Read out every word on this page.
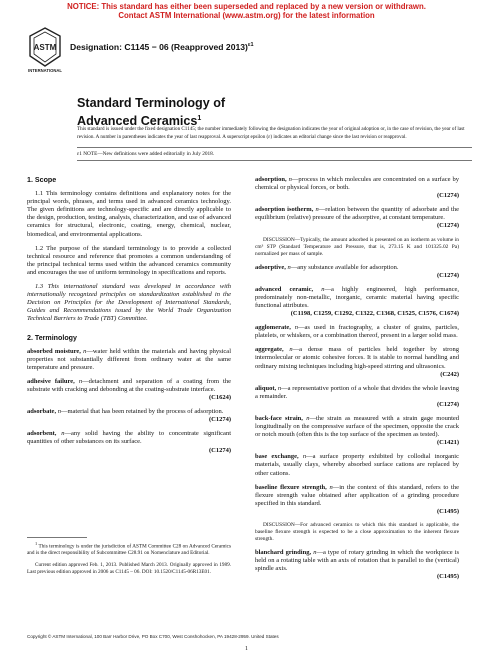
NOTICE: This standard has either been superseded and replaced by a new version or withdrawn.
Contact ASTM International (www.astm.org) for the latest information
ASTM
INTERNATIONAL
Designation: C1145 − 06 (Reapproved 2013)$^{\varepsilon 1}$
Standard Terminology of
Advanced Ceramics$^1$
This standard is issued under the fixed designation C1145; the number immediately following the designation indicates the year of original adoption or, in the case of revision, the year of last revision. A number in parentheses indicates the year of last reapproval. A superscript epsilon (ε) indicates an editorial change since the last revision or reapproval.
ε1 NOTE—New definitions were added editorially in July 2018.
1. Scope

1.1 This terminology contains definitions and explanatory notes for the principal words, phrases, and terms used in advanced ceramics technology. The given definitions are technology-specific and are directly applicable to the design, production, testing, analysis, characterization, and use of advanced ceramics for structural, electronic, coating, energy, chemical, nuclear, biomedical, and environmental applications.

1.2 The purpose of the standard terminology is to provide a collected technical resource and reference that promotes a common understanding of the principal technical terms used within the advanced ceramics community and encourages the use of uniform terminology in specifications and reports.

1.3 This international standard was developed in accordance with internationally recognized principles on standardization established in the Decision on Principles for the Development of International Standards, Guides and Recommendations issued by the World Trade Organization Technical Barriers to Trade (TBT) Committee.

2. Terminology

absorbed moisture, n—water held within the materials and having physical properties not substantially different from ordinary water at the same temperature and pressure.

adhesive failure, n—detachment and separation of a coating from the substrate with cracking and debonding at the coating-substrate interface.
(C1624)

adsorbate, n—material that has been retained by the process of adsorption.
(C1274)

adsorbent, n—any solid having the ability to concentrate significant quantities of other substances on its surface.
(C1274)

adsorption, n—process in which molecules are concentrated on a surface by chemical or physical forces, or both.
(C1274)

adsorption isotherm, n—relation between the quantity of adsorbate and the equilibrium (relative) pressure of the adsorptive, at constant temperature.
(C1274)

DISCUSSION—Typically, the amount adsorbed is presented on an isotherm as volume in cm³ STP (Standard Temperature and Pressure, that is, 273.15 K and 101325.02 Pa) normalized per mass of sample.

adsorptive, n—any substance available for adsorption.
(C1274)

advanced ceramic, n—a highly engineered, high performance, predominately non-metallic, inorganic, ceramic material having specific functional attributes.
(C1198, C1259, C1292, C1322, C1368, C1525, C1576, C1674)

agglomerate, n—as used in fractography, a cluster of grains, particles, platelets, or whiskers, or a combination thereof, present in a larger solid mass.

aggregate, n—a dense mass of particles held together by strong intermolecular or atomic cohesive forces. It is stable to normal handling and ordinary mixing techniques including high-speed stirring and ultrasonics.
(C242)

aliquot, n—a representative portion of a whole that divides the whole leaving a remainder.
(C1274)

back-face strain, n—the strain as measured with a strain gage mounted longitudinally on the compressive surface of the specimen, opposite the crack or notch mouth (often this is the top surface of the specimen as tested).
(C1421)

base exchange, n—a surface property exhibited by collodial inorganic materials, usually clays, whereby absorbed surface cations are replaced by other cations.

baseline flexure strength, n—in the context of this standard, refers to the flexure strength value obtained after application of a grinding procedure specified in this standard.
(C1495)

DISCUSSION—For advanced ceramics to which this this standard is applicable, the baseline flexure strength is expected to be a close approximation to the inherent flexure strength.

blanchard grinding, n—a type of rotary grinding in which the workpiece is held on a rotating table with an axis of rotation that is parallel to the (vertical) spindle axis.
(C1495)

$^1$ This terminology is under the jurisdiction of ASTM Committee C28 on Advanced Ceramics and is the direct responsibility of Subcommittee C28.91 on Nomenclature and Editorial.
Current edition approved Feb. 1, 2013. Published March 2013. Originally approved in 1989. Last previous edition approved in 2006 as C1145 – 06. DOI: 10.1520/C1145-06R13E01.
Copyright © ASTM International, 100 Barr Harbor Drive, PO Box C700, West Conshohocken, PA 19428-2959. United States
1
